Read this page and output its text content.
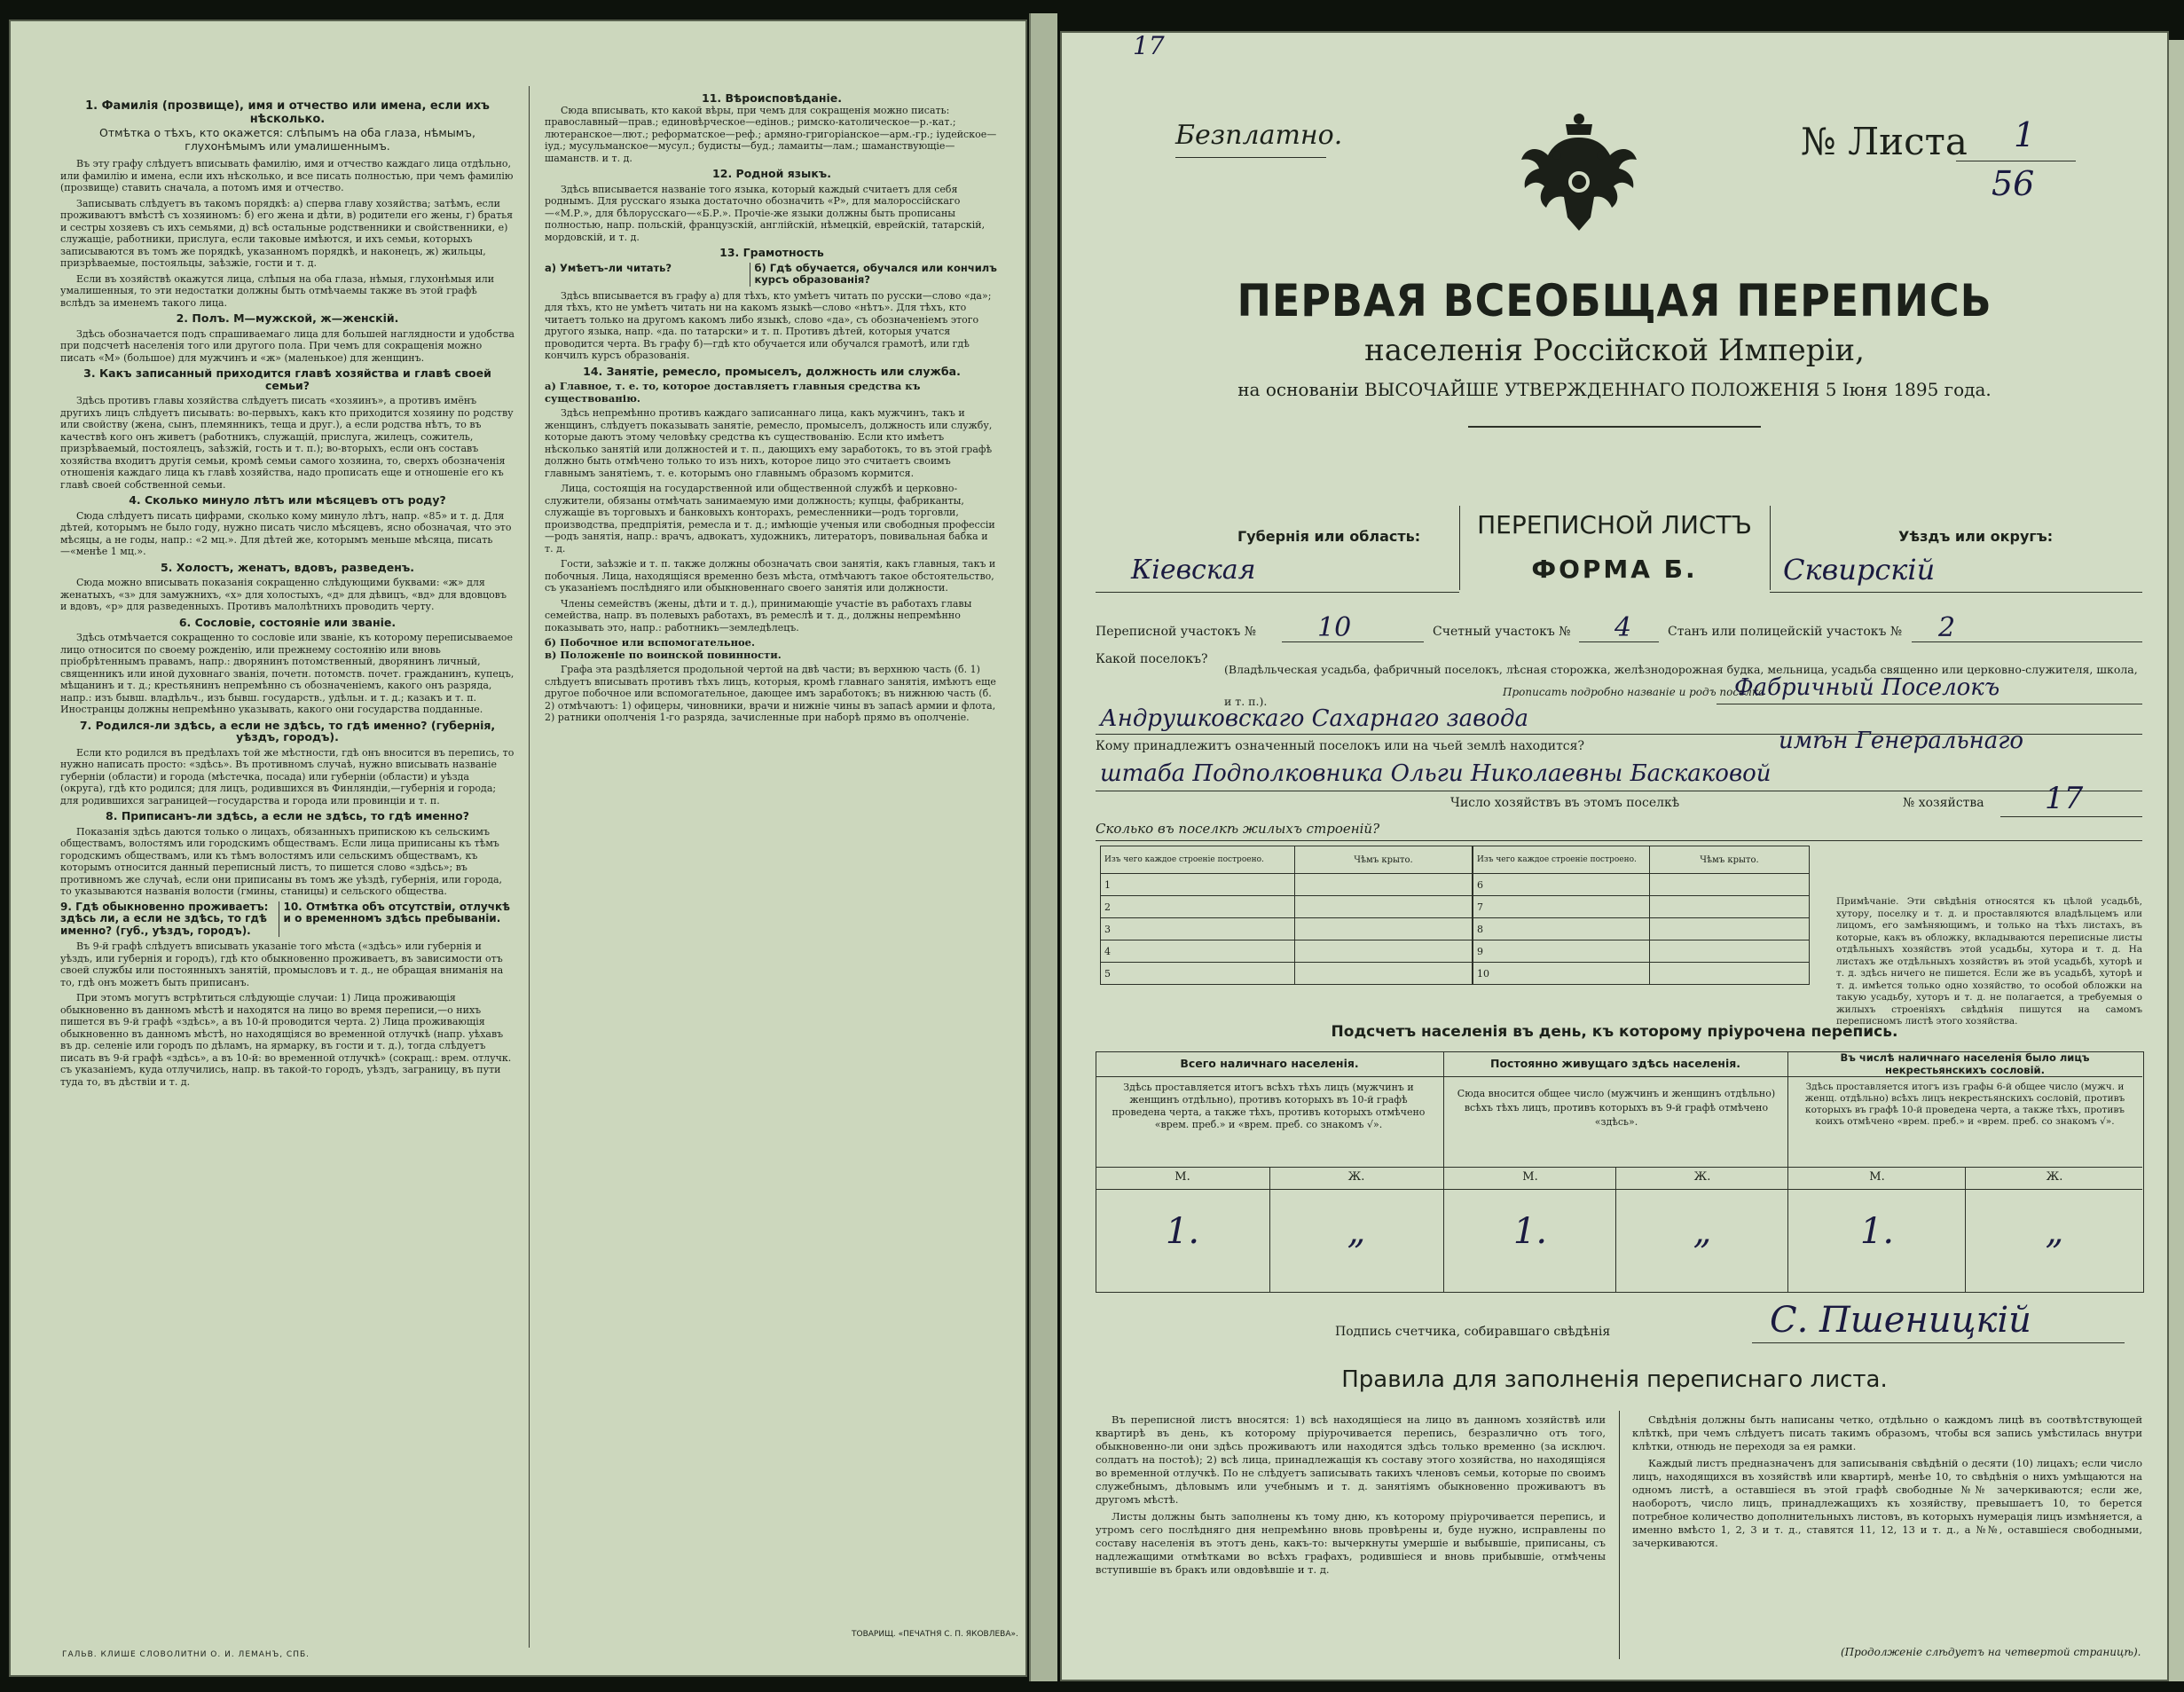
1. Фамилія (прозвище), имя и отчество или имена, если ихъ нѣсколько.
Отмѣтка о тѣхъ, кто окажется: слѣпымъ на оба глаза, нѣмымъ, глухонѣмымъ или умалишеннымъ.

Въ эту графу слѣдуетъ вписывать фамилію, имя и отчество каждаго лица отдѣльно, или фамилію и имена, если ихъ нѣсколько, и все писать полностью, при чемъ фамилію (прозвище) ставить сначала, а потомъ имя и отчество.

Записывать слѣдуетъ въ такомъ порядкѣ: а) сперва главу хозяйства; затѣмъ, если проживаютъ вмѣстѣ съ хозяиномъ: б) его жена и дѣти, в) родители его жены, г) братья и сестры хозяевъ съ ихъ семьями, д) всѣ остальные родственники и свойственники, е) служащіе, работники, прислуга, если таковые имѣются, и ихъ семьи, которыхъ записываются въ томъ же порядкѣ, указанномъ порядкѣ, и наконецъ, ж) жильцы, призрѣваемые, постояльцы, заѣзжіе, гости и т. д.

Если въ хозяйствѣ окажутся лица, слѣпыя на оба глаза, нѣмыя, глухонѣмыя или умалишенныя, то эти недостатки должны быть отмѣчаемы также въ этой графѣ вслѣдъ за именемъ такого лица.

2. Полъ. М—мужской, ж—женскій.

Здѣсь обозначается подъ спрашиваемаго лица для большей наглядности и удобства при подсчетѣ населенія того или другого пола. При чемъ для сокращенія можно писать «М» (большое) для мужчинъ и «ж» (маленькое) для женщинъ.

3. Какъ записанный приходится главѣ хозяйства и главѣ своей семьи?

Здѣсь противъ главы хозяйства слѣдуетъ писать «хозяинъ», а противъ имёнъ другихъ лицъ слѣдуетъ писывать: во-первыхъ, какъ кто приходится хозяину по родству или свойству (жена, сынъ, племянникъ, теща и друг.), а если родства нѣтъ, то въ качествѣ кого онъ живетъ (работникъ, служащій, прислуга, жилецъ, сожитель, призрѣваемый, постоялецъ, заѣзжій, гость и т. п.); во-вторыхъ, если онъ составъ хозяйства входитъ другія семьи, кромѣ семьи самого хозяина, то, сверхъ обозначенія отношенія каждаго лица къ главѣ хозяйства, надо прописать еще и отношеніе его къ главѣ своей собственной семьи.

4. Сколько минуло лѣтъ или мѣсяцевъ отъ роду?

Сюда слѣдуетъ писать цифрами, сколько кому минуло лѣтъ, напр. «85» и т. д. Для дѣтей, которымъ не было году, нужно писать число мѣсяцевъ, ясно обозначая, что это мѣсяцы, а не годы, напр.: «2 мц.». Для дѣтей же, которымъ меньше мѣсяца, писать—«менѣе 1 мц.».

5. Холостъ, женатъ, вдовъ, разведенъ.

Сюда можно вписывать показанія сокращенно слѣдующими буквами: «ж» для женатыхъ, «з» для замужнихъ, «х» для холостыхъ, «д» для дѣвицъ, «вд» для вдовцовъ и вдовъ, «р» для разведенныхъ. Противъ малолѣтнихъ проводить черту.

6. Сословіе, состояніе или званіе.

Здѣсь отмѣчается сокращенно то сословіе или званіе, къ которому переписываемое лицо относится по своему рожденію, или прежнему состоянію или вновь пріобрѣтеннымъ правамъ, напр.: дворянинъ потомственный, дворянинъ личный, священникъ или иной духовнаго званія, почетн. потомств. почет. гражданинъ, купецъ, мѣщанинъ и т. д.; крестьянинъ непремѣнно съ обозначеніемъ, какого онъ разряда, напр.: изъ бывш. владѣльч., изъ бывш. государств., удѣльн. и т. д.; казакъ и т. п. Иностранцы должны непремѣнно указывать, какого они государства подданные.

7. Родился-ли здѣсь, а если не здѣсь, то гдѣ именно? (губернія, уѣздъ, городъ).

Если кто родился въ предѣлахъ той же мѣстности, гдѣ онъ вносится въ перепись, то нужно написать просто: «здѣсь». Въ противномъ случаѣ, нужно вписывать названіе губерніи (области) и города (мѣстечка, посада) или губерніи (области) и уѣзда (округа), гдѣ кто родился; для лицъ, родившихся въ Финляндіи,—губернія и города; для родившихся заграницей—государства и города или провинціи и т. п.

8. Приписанъ-ли здѣсь, а если не здѣсь, то гдѣ именно?

Показанія здѣсь даются только о лицахъ, обязанныхъ припискою къ сельскимъ обществамъ, волостямъ или городскимъ обществамъ. Если лица приписаны къ тѣмъ городскимъ обществамъ, или къ тѣмъ волостямъ или сельскимъ обществамъ, къ которымъ относится данный переписный листъ, то пишется слово «здѣсь»; въ противномъ же случаѣ, если они приписаны въ томъ же уѣздѣ, губернія, или города, то указываются названія волости (гмины, станицы) и сельского общества.

9. Гдѣ обыкновенно проживаетъ: здѣсь ли, а если не здѣсь, то гдѣ именно? (губ., уѣздъ, городъ).
10. Отмѣтка объ отсутствіи, отлучкѣ и о временномъ здѣсь пребываніи.

Въ 9-й графѣ слѣдуетъ вписывать указаніе того мѣста («здѣсь» или губернія и уѣздъ, или губернія и городъ), гдѣ кто обыкновенно проживаетъ, въ зависимости отъ своей службы или постоянныхъ занятій, промысловъ и т. д., не обращая вниманія на то, гдѣ онъ можетъ быть приписанъ.

При этомъ могутъ встрѣтиться слѣдующіе случаи: 1) Лица проживающія обыкновенно въ данномъ мѣстѣ и находятся на лицо во время переписи,—о нихъ пишется въ 9-й графѣ «здѣсь», а въ 10-й проводится черта. 2) Лица проживающія обыкновенно въ данномъ мѣстѣ, но находящіяся во временной отлучкѣ (напр. уѣхавъ въ др. селеніе или городъ по дѣламъ, на ярмарку, въ гости и т. д.), тогда слѣдуетъ писать въ 9-й графѣ «здѣсь», а въ 10-й: во временной отлучкѣ» (сокращ.: врем. отлучк. съ указаніемъ, куда отлучились, напр. въ такой-то городъ, уѣздъ, заграницу, въ пути туда то, въ дѣствіи и т. д.

ГАЛЬВ. КЛИШЕ СЛОВОЛИТНИ О. И. ЛЕМАНЪ, СПБ.
11. Вѣроисповѣданіе.

Сюда вписывать, кто какой вѣры, при чемъ для сокращенія можно писать: православный—прав.; единовѣрческое—едінов.; римско-католическое—р.-кат.; лютеранское—лют.; реформатское—реф.; армяно-григоріанское—арм.-гр.; іудейское—іуд.; мусульманское—мусул.; будисты—буд.; ламаиты—лам.; шаманствующіе—шаманств. и т. д.

12. Родной языкъ.

Здѣсь вписывается названіе того языка, который каждый считаетъ для себя роднымъ. Для русскаго языка достаточно обозначить «Р», для малороссійскаго—«М.Р.», для бѣлорусскаго—«Б.Р.». Прочіе-же языки должны быть прописаны полностью, напр. польскій, французскій, англійскій, нѣмецкій, еврейскій, татарскій, мордовскій, и т. д.

13. Грамотность
а) Умѣетъ-ли читать?	б) Гдѣ обучается, обучался или кончилъ курсъ образованія?

Здѣсь вписывается въ графу а) для тѣхъ, кто умѣетъ читать по русски—слово «да»; для тѣхъ, кто не умѣетъ читать ни на какомъ языкѣ—слово «нѣтъ». Для тѣхъ, кто читаетъ только на другомъ какомъ либо языкѣ, слово «да», съ обозначеніемъ этого другого языка, напр. «да. по татарски» и т. п. Противъ дѣтей, которыя учатся проводится черта. Въ графу б)—гдѣ кто обучается или обучался грамотѣ, или гдѣ кончилъ курсъ образованія.

14. Занятіе, ремесло, промыселъ, должность или служба.
а) Главное, т. е. то, которое доставляетъ главныя средства къ существованію.

Здѣсь непремѣнно противъ каждаго записаннаго лица, какъ мужчинъ, такъ и женщинъ, слѣдуетъ показывать занятіе, ремесло, промыселъ, должность или службу, которые даютъ этому человѣку средства къ существованію. Если кто имѣетъ нѣсколько занятій или должностей и т. п., дающихъ ему заработокъ, то въ этой графѣ должно быть отмѣчено только то изъ нихъ, которое лицо это считаетъ своимъ главнымъ занятіемъ, т. е. которымъ оно главнымъ образомъ кормится.

Лица, состоящія на государственной или общественной службѣ и церковно-служители, обязаны отмѣчать занимаемую ими должность; купцы, фабриканты, служащіе въ торговыхъ и банковыхъ конторахъ, ремесленники—родъ торговли, производства, предпріятія, ремесла и т. д.; имѣющіе ученыя или свободныя профессіи—родъ занятія, напр.: врачъ, адвокатъ, художникъ, литераторъ, повивальная бабка и т. д.

Гости, заѣзжіе и т. п. также должны обозначать свои занятія, какъ главныя, такъ и побочныя. Лица, находящіяся временно безъ мѣста, отмѣчаютъ такое обстоятельство, съ указаніемъ послѣдняго или обыкновеннаго своего занятія или должности.

Члены семействъ (жены, дѣти и т. д.), принимающіе участіе въ работахъ главы семейства, напр. въ полевыхъ работахъ, въ ремеслѣ и т. д., должны непремѣнно показывать это, напр.: работникъ—земледѣлецъ.

б) Побочное или вспомогательное.
в) Положеніе по воинской повинности.

Графа эта раздѣляется продольной чертой на двѣ части; въ верхнюю часть (б. 1) слѣдуетъ вписывать противъ тѣхъ лицъ, которыя, кромѣ главнаго занятія, имѣютъ еще другое побочное или вспомогательное, дающее имъ заработокъ; въ нижнюю часть (б. 2) отмѣчаютъ: 1) офицеры, чиновники, врачи и нижніе чины въ запасѣ армии и флота, 2) ратники ополченія 1-го разряда, зачисленные при наборѣ прямо въ ополченіе.

ТОВАРИЩ. «ПЕЧАТНЯ С. П. ЯКОВЛЕВА».
17
Безплатно.	№ Листа 1
56
ПЕРВАЯ ВСЕОБЩАЯ ПЕРЕПИСЬ
населенія Россійской Имперіи,
на основаніи ВЫСОЧАЙШЕ УТВЕРЖДЕННАГО ПОЛОЖЕНІЯ 5 Іюня 1895 года.
Губернія или область:
Кіевская
ПЕРЕПИСНОЙ ЛИСТЪ
ФОРМА Б.
Уѣздъ или округъ:
Сквирскій
Переписной участокъ № 10	Счетный участокъ № 4	Станъ или полицейскій участокъ № 2
Какой поселокъ?
(Владѣльческая усадьба, фабричный поселокъ, лѣсная сторожка, желѣзнодорожная будка, мельница, усадьба священно или церковно-служителя, школа, и т. п.).
Прописать подробно названіе и родъ поселка
Фабричный Поселокъ
Андрушковскаго Сахарнаго завода
Кому принадлежитъ означенный поселокъ или на чьей землѣ находится?	имѣн Генеральнаго
штаба Подполковника Ольги Николаевны Баскаковой
Число хозяйствъ въ этомъ поселкѣ	№ хозяйства 17
Сколько въ поселкѣ жилыхъ строеній?
Изъ чего каждое строеніе построено.	Чѣмъ крыто.
1	
2	
3	
4	
5	
Изъ чего каждое строеніе построено.	Чѣмъ крыто.
6	
7	
8	
9	
10	
Примѣчаніе. Эти свѣдѣнія относятся къ цѣлой усадьбѣ, хутору, поселку и т. д. и проставляются владѣльцемъ или лицомъ, его замѣняющимъ, и только на тѣхъ листахъ, въ которые, какъ въ обложку, вкладываются переписные листы отдѣльныхъ хозяйствъ этой усадьбы, хутора и т. д. На листахъ же отдѣльныхъ хозяйствъ въ этой усадьбѣ, хуторѣ и т. д. здѣсь ничего не пишется. Если же въ усадьбѣ, хуторѣ и т. д. имѣется только одно хозяйство, то особой обложки на такую усадьбу, хуторъ и т. д. не полагается, а требуемыя о жилыхъ строеніяхъ свѣдѣнія пишутся на самомъ переписномъ листѣ этого хозяйства.
Подсчетъ населенія въ день, къ которому пріурочена перепись.
Всего наличнаго населенія.	Постоянно живущаго здѣсь населенія.	Въ числѣ наличнаго населенія было лицъ некрестьянскихъ сословій.
Здѣсь проставляется итогъ всѣхъ тѣхъ лицъ (мужчинъ и женщинъ отдѣльно), противъ которыхъ въ 10-й графѣ проведена черта, а также тѣхъ, противъ которыхъ отмѣчено «врем. преб.» и «врем. преб. со знакомъ √».
Сюда вносится общее число (мужчинъ и женщинъ отдѣльно) всѣхъ тѣхъ лицъ, противъ которыхъ въ 9-й графѣ отмѣчено «здѣсь».
Здѣсь проставляется итогъ изъ графы 6-й общее число (мужч. и женщ. отдѣльно) всѣхъ лицъ некрестьянскихъ сословій, противъ которыхъ въ графѣ 10-й проведена черта, а также тѣхъ, противъ коихъ отмѣчено «врем. преб.» и «врем. преб. со знакомъ √».
М.	Ж.	М.	Ж.	М.	Ж.
1.	„	1.	„	1.	„
Подпись счетчика, собиравшаго свѣдѣнія	С. Пшеницкій
Правила для заполненія переписнаго листа.

Въ переписной листъ вносятся: 1) всѣ находящіеся на лицо въ данномъ хозяйствѣ или квартирѣ въ день, къ которому пріурочивается перепись, безразлично отъ того, обыкновенно-ли они здѣсь проживаютъ или находятся здѣсь только временно (за исключ. солдатъ на постоѣ); 2) всѣ лица, принадлежащія къ составу этого хозяйства, но находящіяся во временной отлучкѣ. По не слѣдуетъ записывать такихъ членовъ семьи, которые по своимъ служебнымъ, дѣловымъ или учебнымъ и т. д. занятіямъ обыкновенно проживаютъ въ другомъ мѣстѣ.

Листы должны быть заполнены къ тому дню, къ которому пріурочивается перепись, и утромъ сего послѣдняго дня непремѣнно вновь провѣрены и, буде нужно, исправлены по составу населенія въ этотъ день, какъ-то: вычеркнуты умершіе и выбывшіе, приписаны, съ надлежащими отмѣтками во всѣхъ графахъ, родившіеся и вновь прибывшіе, отмѣчены вступившіе въ бракъ или овдовѣвшіе и т. д.

Свѣдѣнія должны быть написаны четко, отдѣльно о каждомъ лицѣ въ соотвѣтствующей клѣткѣ, при чемъ слѣдуетъ писать такимъ образомъ, чтобы вся запись умѣстилась внутри клѣтки, отнюдь не переходя за ея рамки.

Каждый листъ предназначенъ для записыванія свѣдѣній о десяти (10) лицахъ; если число лицъ, находящихся въ хозяйствѣ или квартирѣ, менѣе 10, то свѣдѣнія о нихъ умѣщаются на одномъ листѣ, а оставшіеся въ этой графѣ свободные №№ зачеркиваются; если же, наоборотъ, число лицъ, принадлежащихъ къ хозяйству, превышаетъ 10, то берется потребное количество дополнительныхъ листовъ, въ которыхъ нумерація лицъ измѣняется, а именно вмѣсто 1, 2, 3 и т. д., ставятся 11, 12, 13 и т. д., а №№, оставшіеся свободными, зачеркиваются.

(Продолженіе слѣдуетъ на четвертой страницѣ).
